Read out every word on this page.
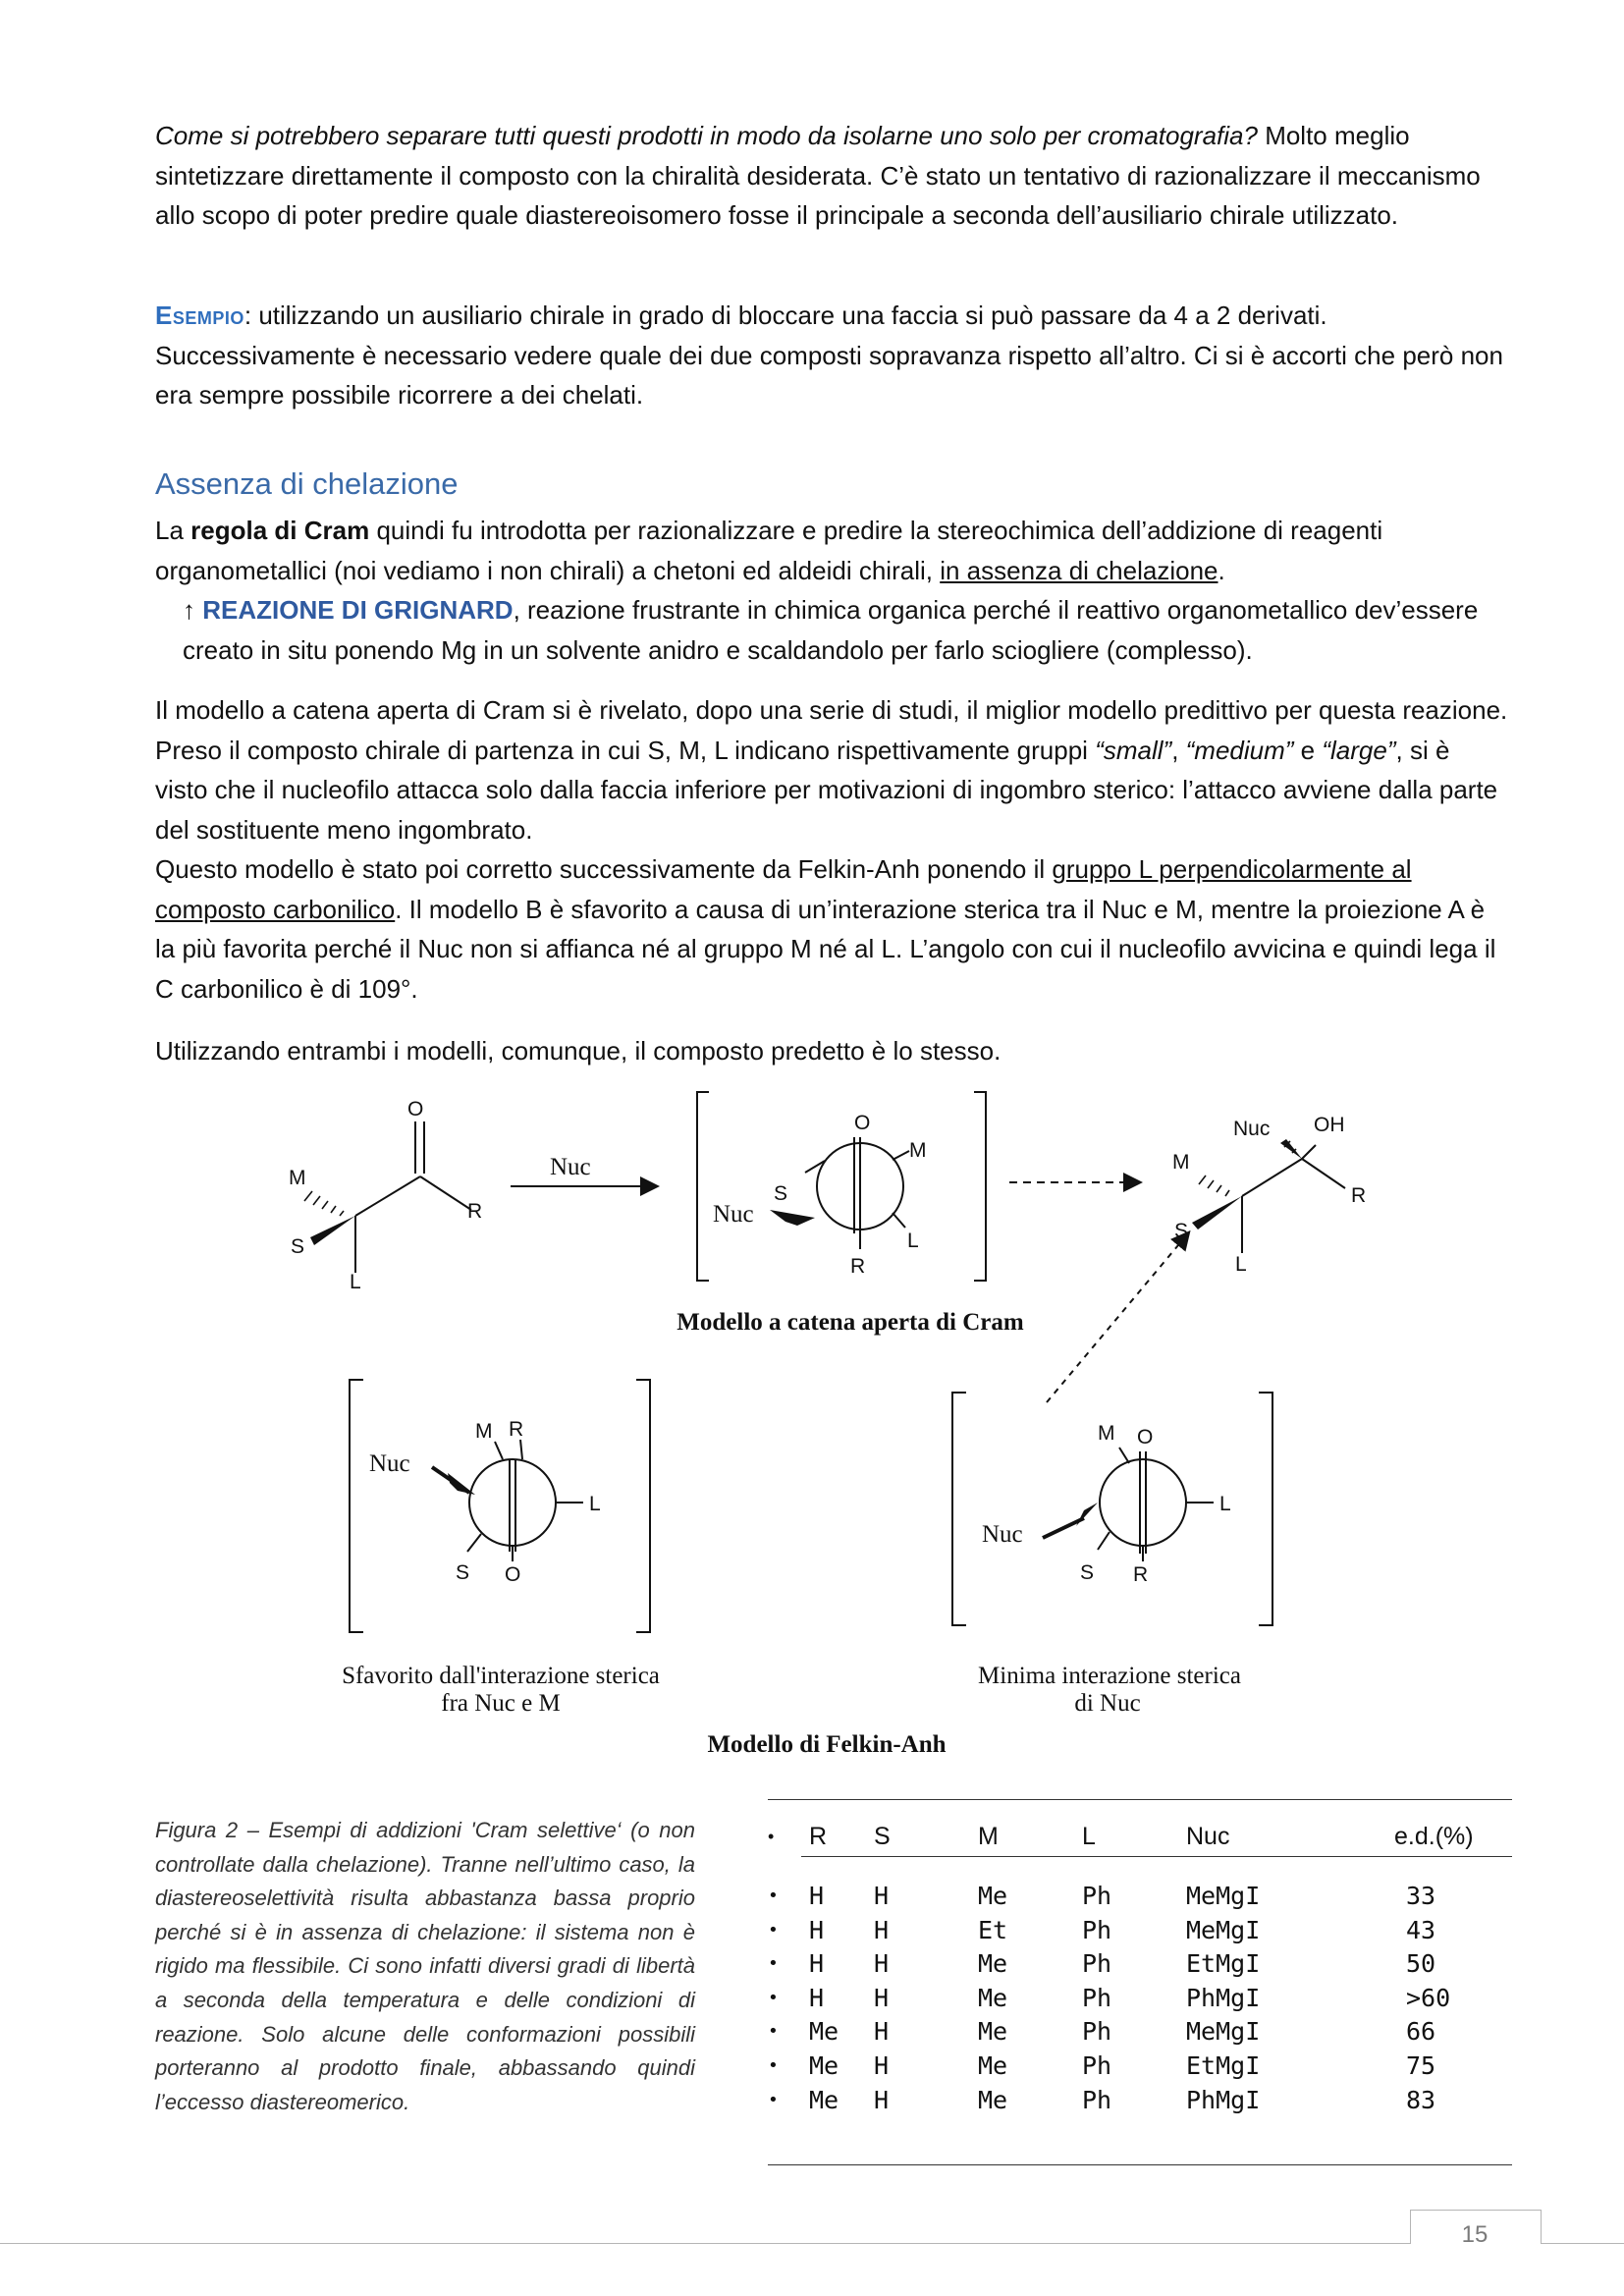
Come si potrebbero separare tutti questi prodotti in modo da isolarne uno solo per cromatografia? Molto meglio sintetizzare direttamente il composto con la chiralità desiderata. C’è stato un tentativo di razionalizzare il meccanismo allo scopo di poter predire quale diastereoisomero fosse il principale a seconda dell’ausiliario chirale utilizzato.

Esempio: utilizzando un ausiliario chirale in grado di bloccare una faccia si può passare da 4 a 2 derivati. Successivamente è necessario vedere quale dei due composti sopravanza rispetto all’altro. Ci si è accorti che però non era sempre possibile ricorrere a dei chelati.

Assenza di chelazione

La regola di Cram quindi fu introdotta per razionalizzare e predire la stereochimica dell’addizione di reagenti organometallici (noi vediamo i non chirali) a chetoni ed aldeidi chirali, in assenza di chelazione.

↑ REAZIONE DI GRIGNARD, reazione frustrante in chimica organica perché il reattivo organometallico dev’essere creato in situ ponendo Mg in un solvente anidro e scaldandolo per farlo sciogliere (complesso).

Il modello a catena aperta di Cram si è rivelato, dopo una serie di studi, il miglior modello predittivo per questa reazione. Preso il composto chirale di partenza in cui S, M, L indicano rispettivamente gruppi “small”, “medium” e “large”, si è visto che il nucleofilo attacca solo dalla faccia inferiore per motivazioni di ingombro sterico: l’attacco avviene dalla parte del sostituente meno ingombrato.

Questo modello è stato poi corretto successivamente da Felkin-Anh ponendo il gruppo L perpendicolarmente al composto carbonilico. Il modello B è sfavorito a causa di un’interazione sterica tra il Nuc e M, mentre la proiezione A è la più favorita perché il Nuc non si affianca né al gruppo M né al L. L’angolo con cui il nucleofilo avvicina e quindi lega il C carbonilico è di 109°.

Utilizzando entrambi i modelli, comunque, il composto predetto è lo stesso.

O
M
R
S
L
O
M
S
L
R
Nuc OH
M
R
S
L
M R
L
S O
M O
L
S R
Nuc
Nuc
Nuc
Nuc
Modello a catena aperta di Cram
Sfavorito dall'interazione sterica
fra Nuc e M
Minima interazione sterica
di Nuc
Modello di Felkin-Anh
Figura 2 – Esempi di addizioni 'Cram selettive‘ (o non controllate dalla chelazione). Tranne nell’ultimo caso, la diastereoselettività risulta abbastanza bassa proprio perché si è in assenza di chelazione: il sistema non è rigido ma flessibile. Ci sono infatti diversi gradi di libertà a seconda della temperatura e delle condizioni di reazione. Solo alcune delle conformazioni possibili porteranno al prodotto finale, abbassando quindi l’eccesso diastereomerico.
• R S	M	L	Nuc	e.d.(%)
• H H	Me	Ph	MeMgI	33
• H H	Et	Ph	MeMgI	43
• H H	Me	Ph	EtMgI	50
• H H	Me	Ph	PhMgI	>60
• Me H	Me	Ph	MeMgI	66
• Me H	Me	Ph	EtMgI	75
• Me H	Me	Ph	PhMgI	83
15
